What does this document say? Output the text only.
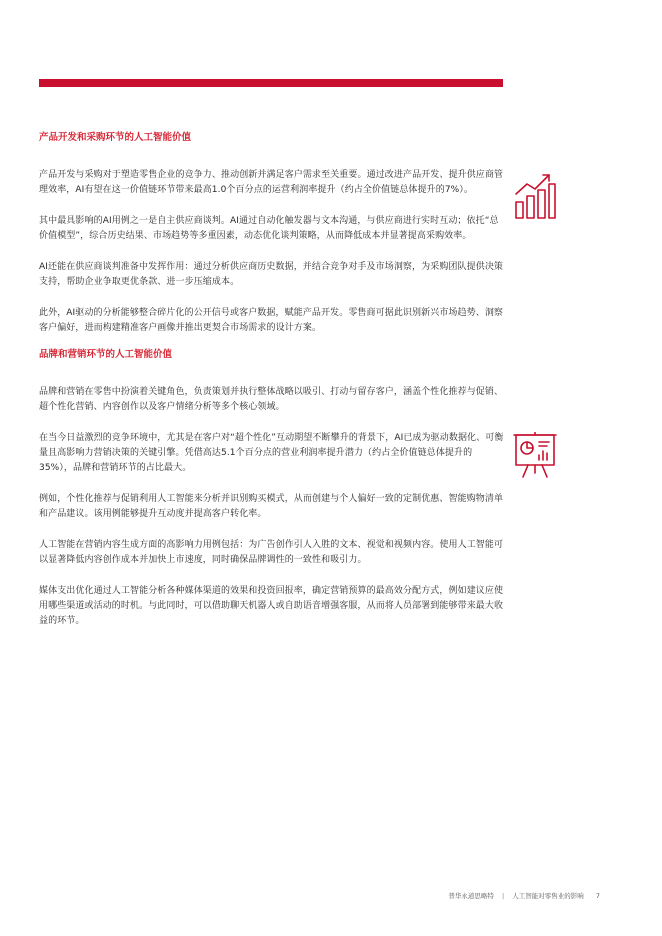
产品开发和采购环节的人工智能价值

产品开发与采购对于塑造零售企业的竞争力、推动创新并满足客户需求至关重要。通过改进产品开发、提升供应商管理效率，AI有望在这一价值链环节带来最高1.0个百分点的运营利润率提升（约占全价值链总体提升的7%）。

其中最具影响的AI用例之一是自主供应商谈判。AI通过自动化触发器与文本沟通，与供应商进行实时互动；依托“总价值模型”，综合历史结果、市场趋势等多重因素，动态优化谈判策略，从而降低成本并显著提高采购效率。

AI还能在供应商谈判准备中发挥作用：通过分析供应商历史数据，并结合竞争对手及市场洞察，为采购团队提供决策支持，帮助企业争取更优条款、进一步压缩成本。

此外，AI驱动的分析能够整合碎片化的公开信号或客户数据，赋能产品开发。零售商可据此识别新兴市场趋势、洞察客户偏好，进而构建精准客户画像并推出更契合市场需求的设计方案。

品牌和营销环节的人工智能价值

品牌和营销在零售中扮演着关键角色，负责策划并执行整体战略以吸引、打动与留存客户，涵盖个性化推荐与促销、超个性化营销、内容创作以及客户情绪分析等多个核心领域。

在当今日益激烈的竞争环境中，尤其是在客户对“超个性化”互动期望不断攀升的背景下，AI已成为驱动数据化、可衡量且高影响力营销决策的关键引擎。凭借高达5.1个百分点的营业利润率提升潜力（约占全价值链总体提升的35%），品牌和营销环节的占比最大。

例如，个性化推荐与促销利用人工智能来分析并识别购买模式，从而创建与个人偏好一致的定制优惠、智能购物清单和产品建议。该用例能够提升互动度并提高客户转化率。

人工智能在营销内容生成方面的高影响力用例包括：为广告创作引人入胜的文本、视觉和视频内容。使用人工智能可以显著降低内容创作成本并加快上市速度，同时确保品牌调性的一致性和吸引力。

媒体支出优化通过人工智能分析各种媒体渠道的效果和投资回报率，确定营销预算的最高效分配方式，例如建议应使用哪些渠道或活动的时机。与此同时，可以借助聊天机器人或自助语音增强客服，从而将人员部署到能够带来最大收益的环节。

普华永道思略特 | 人工智能对零售业的影响 7
